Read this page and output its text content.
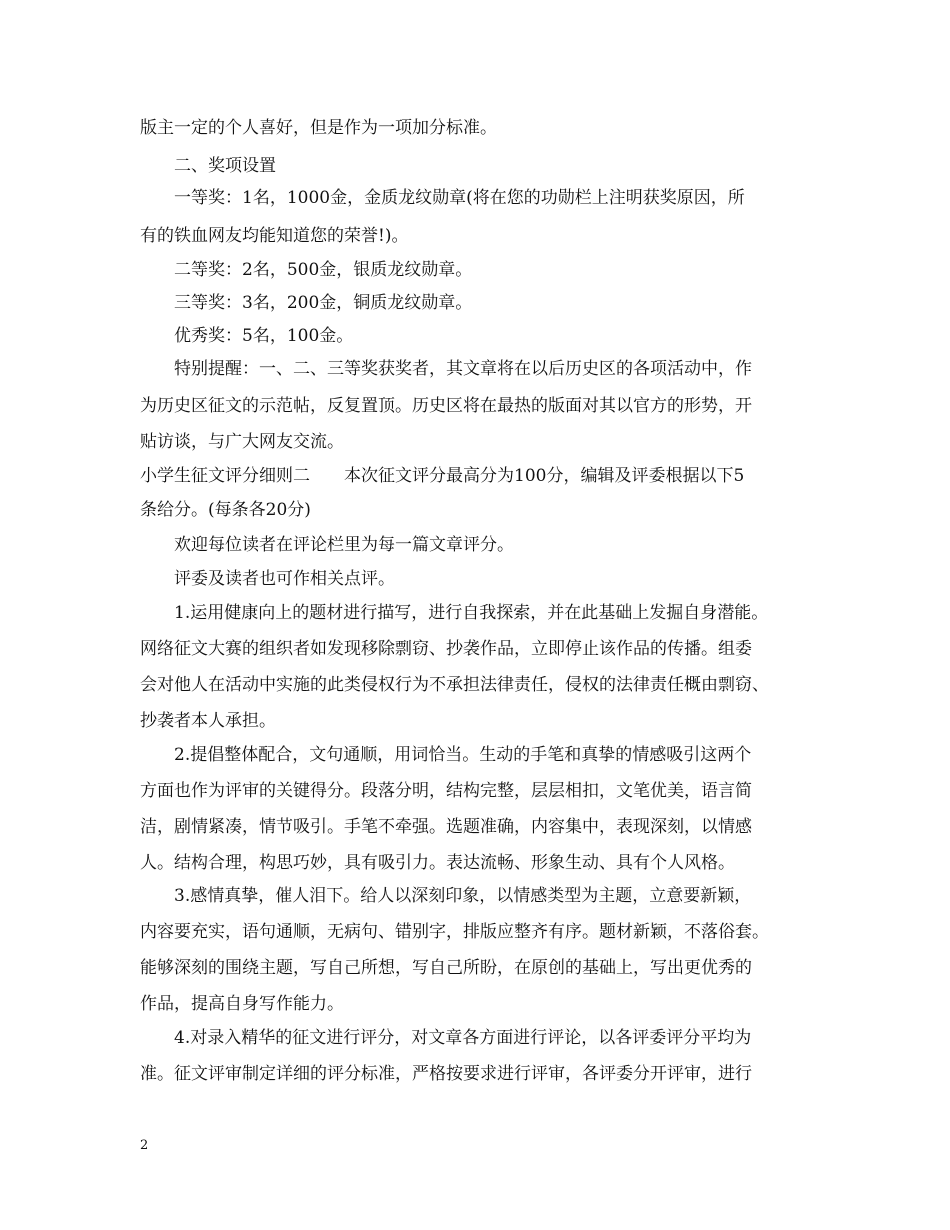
版主一定的个人喜好，但是作为一项加分标准。
　　二、奖项设置
　　一等奖：1名，1000金，金质龙纹勋章(将在您的功勋栏上注明获奖原因，所
有的铁血网友均能知道您的荣誉!)。
　　二等奖：2名，500金，银质龙纹勋章。
　　三等奖：3名，200金，铜质龙纹勋章。
　　优秀奖：5名，100金。
　　特别提醒：一、二、三等奖获奖者，其文章将在以后历史区的各项活动中，作
为历史区征文的示范帖，反复置顶。历史区将在最热的版面对其以官方的形势，开
贴访谈，与广大网友交流。
小学生征文评分细则二　　本次征文评分最高分为100分，编辑及评委根据以下5
条给分。(每条各20分)
　　欢迎每位读者在评论栏里为每一篇文章评分。
　　评委及读者也可作相关点评。
　　1.运用健康向上的题材进行描写，进行自我探索，并在此基础上发掘自身潜能。
网络征文大赛的组织者如发现移除剽窃、抄袭作品，立即停止该作品的传播。组委
会对他人在活动中实施的此类侵权行为不承担法律责任，侵权的法律责任概由剽窃、
抄袭者本人承担。
　　2.提倡整体配合，文句通顺，用词恰当。生动的手笔和真挚的情感吸引这两个
方面也作为评审的关键得分。段落分明，结构完整，层层相扣，文笔优美，语言简
洁，剧情紧凑，情节吸引。手笔不牵强。选题准确，内容集中，表现深刻，以情感
人。结构合理，构思巧妙，具有吸引力。表达流畅、形象生动、具有个人风格。
　　3.感情真挚，催人泪下。给人以深刻印象，以情感类型为主题，立意要新颖，
内容要充实，语句通顺，无病句、错别字，排版应整齐有序。题材新颖，不落俗套。
能够深刻的围绕主题，写自己所想，写自己所盼，在原创的基础上，写出更优秀的
作品，提高自身写作能力。
　　4.对录入精华的征文进行评分，对文章各方面进行评论，以各评委评分平均为
准。征文评审制定详细的评分标准，严格按要求进行评审，各评委分开评审，进行
2
